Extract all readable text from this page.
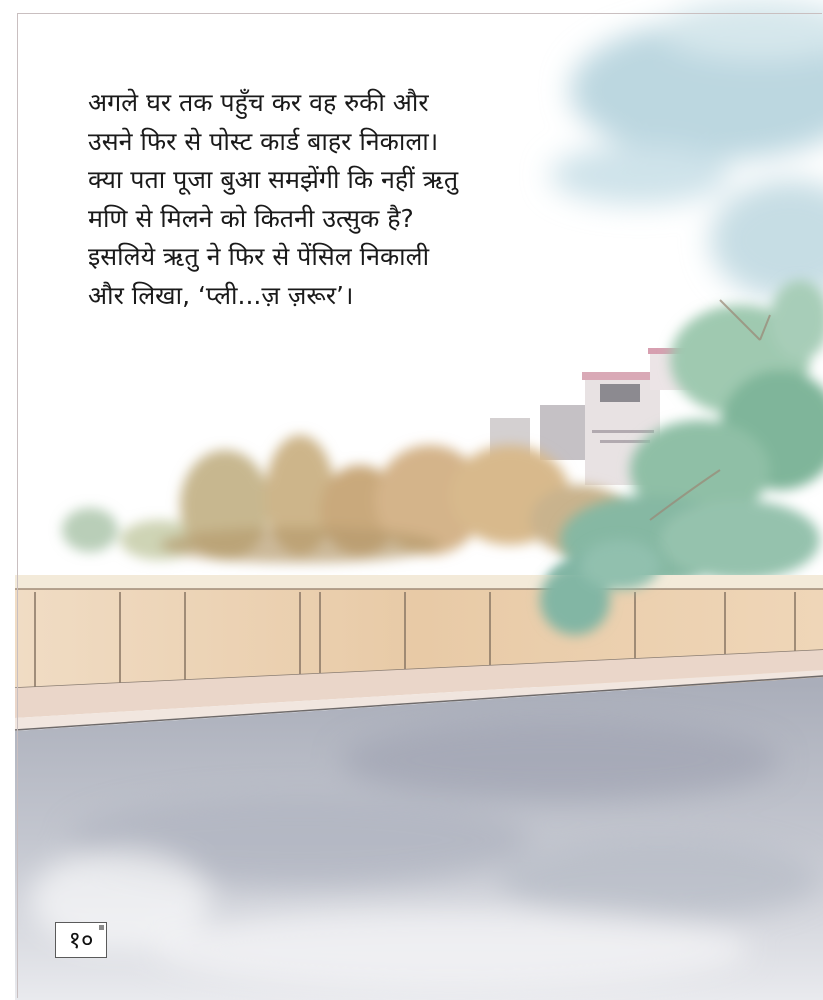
अगले घर तक पहुँच कर वह रुकी और
उसने फिर से पोस्ट कार्ड बाहर निकाला।
क्या पता पूजा बुआ समझेंगी कि नहीं ऋतु
मणि से मिलने को कितनी उत्सुक है?
इसलिये ऋतु ने फिर से पेंसिल निकाली
और लिखा, ‘प्ली...ज़ ज़रूर’।

१०
